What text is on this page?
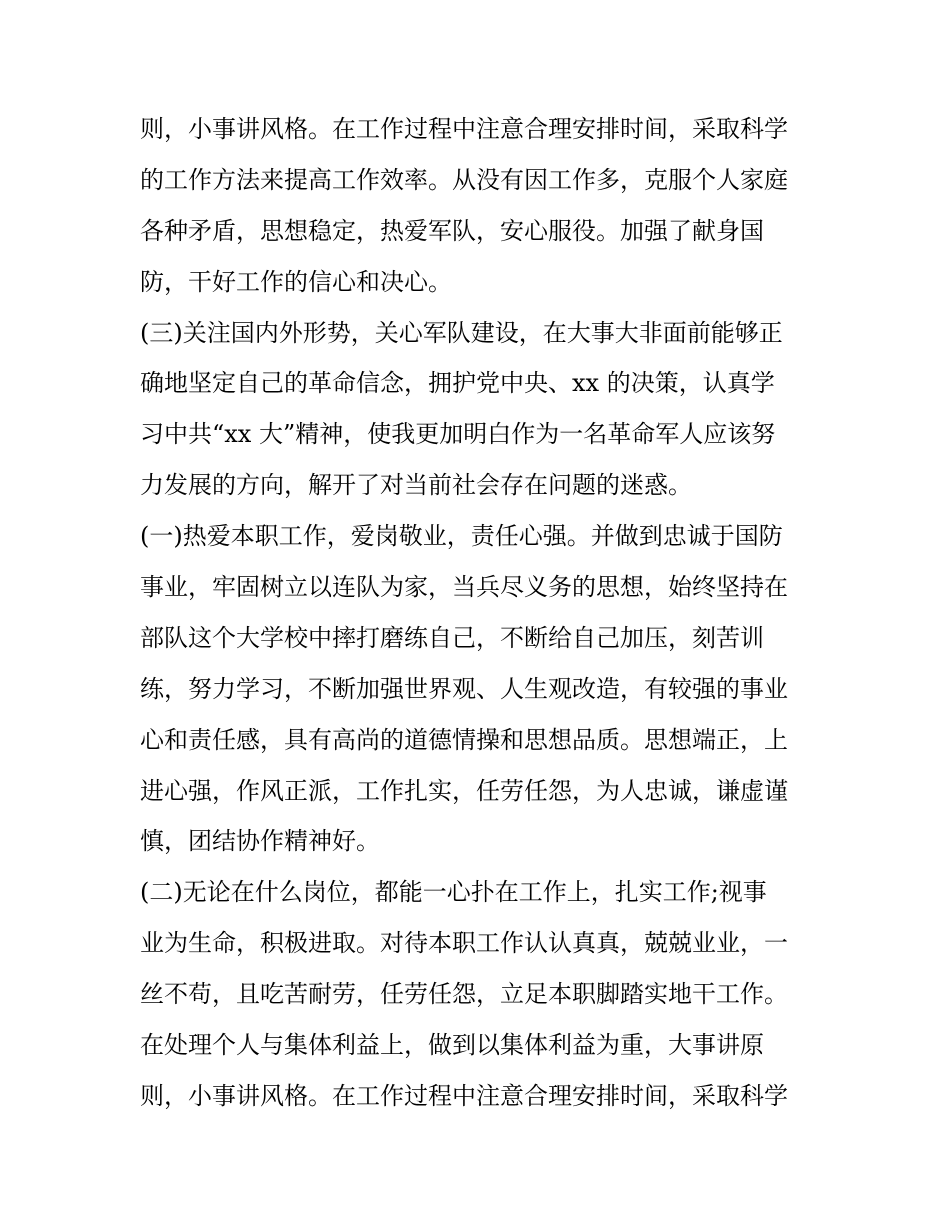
则，小事讲风格。在工作过程中注意合理安排时间，采取科学
的工作方法来提高工作效率。从没有因工作多，克服个人家庭
各种矛盾，思想稳定，热爱军队，安心服役。加强了献身国
防，干好工作的信心和决心。
(三)关注国内外形势，关心军队建设，在大事大非面前能够正
确地坚定自己的革命信念，拥护党中央、xx 的决策，认真学
习中共“xx 大”精神，使我更加明白作为一名革命军人应该努
力发展的方向，解开了对当前社会存在问题的迷惑。
(一)热爱本职工作，爱岗敬业，责任心强。并做到忠诚于国防
事业，牢固树立以连队为家，当兵尽义务的思想，始终坚持在
部队这个大学校中摔打磨练自己，不断给自己加压，刻苦训
练，努力学习，不断加强世界观、人生观改造，有较强的事业
心和责任感，具有高尚的道德情操和思想品质。思想端正，上
进心强，作风正派，工作扎实，任劳任怨，为人忠诚，谦虚谨
慎，团结协作精神好。
(二)无论在什么岗位，都能一心扑在工作上，扎实工作;视事
业为生命，积极进取。对待本职工作认认真真，兢兢业业，一
丝不苟，且吃苦耐劳，任劳任怨，立足本职脚踏实地干工作。
在处理个人与集体利益上，做到以集体利益为重，大事讲原
则，小事讲风格。在工作过程中注意合理安排时间，采取科学
